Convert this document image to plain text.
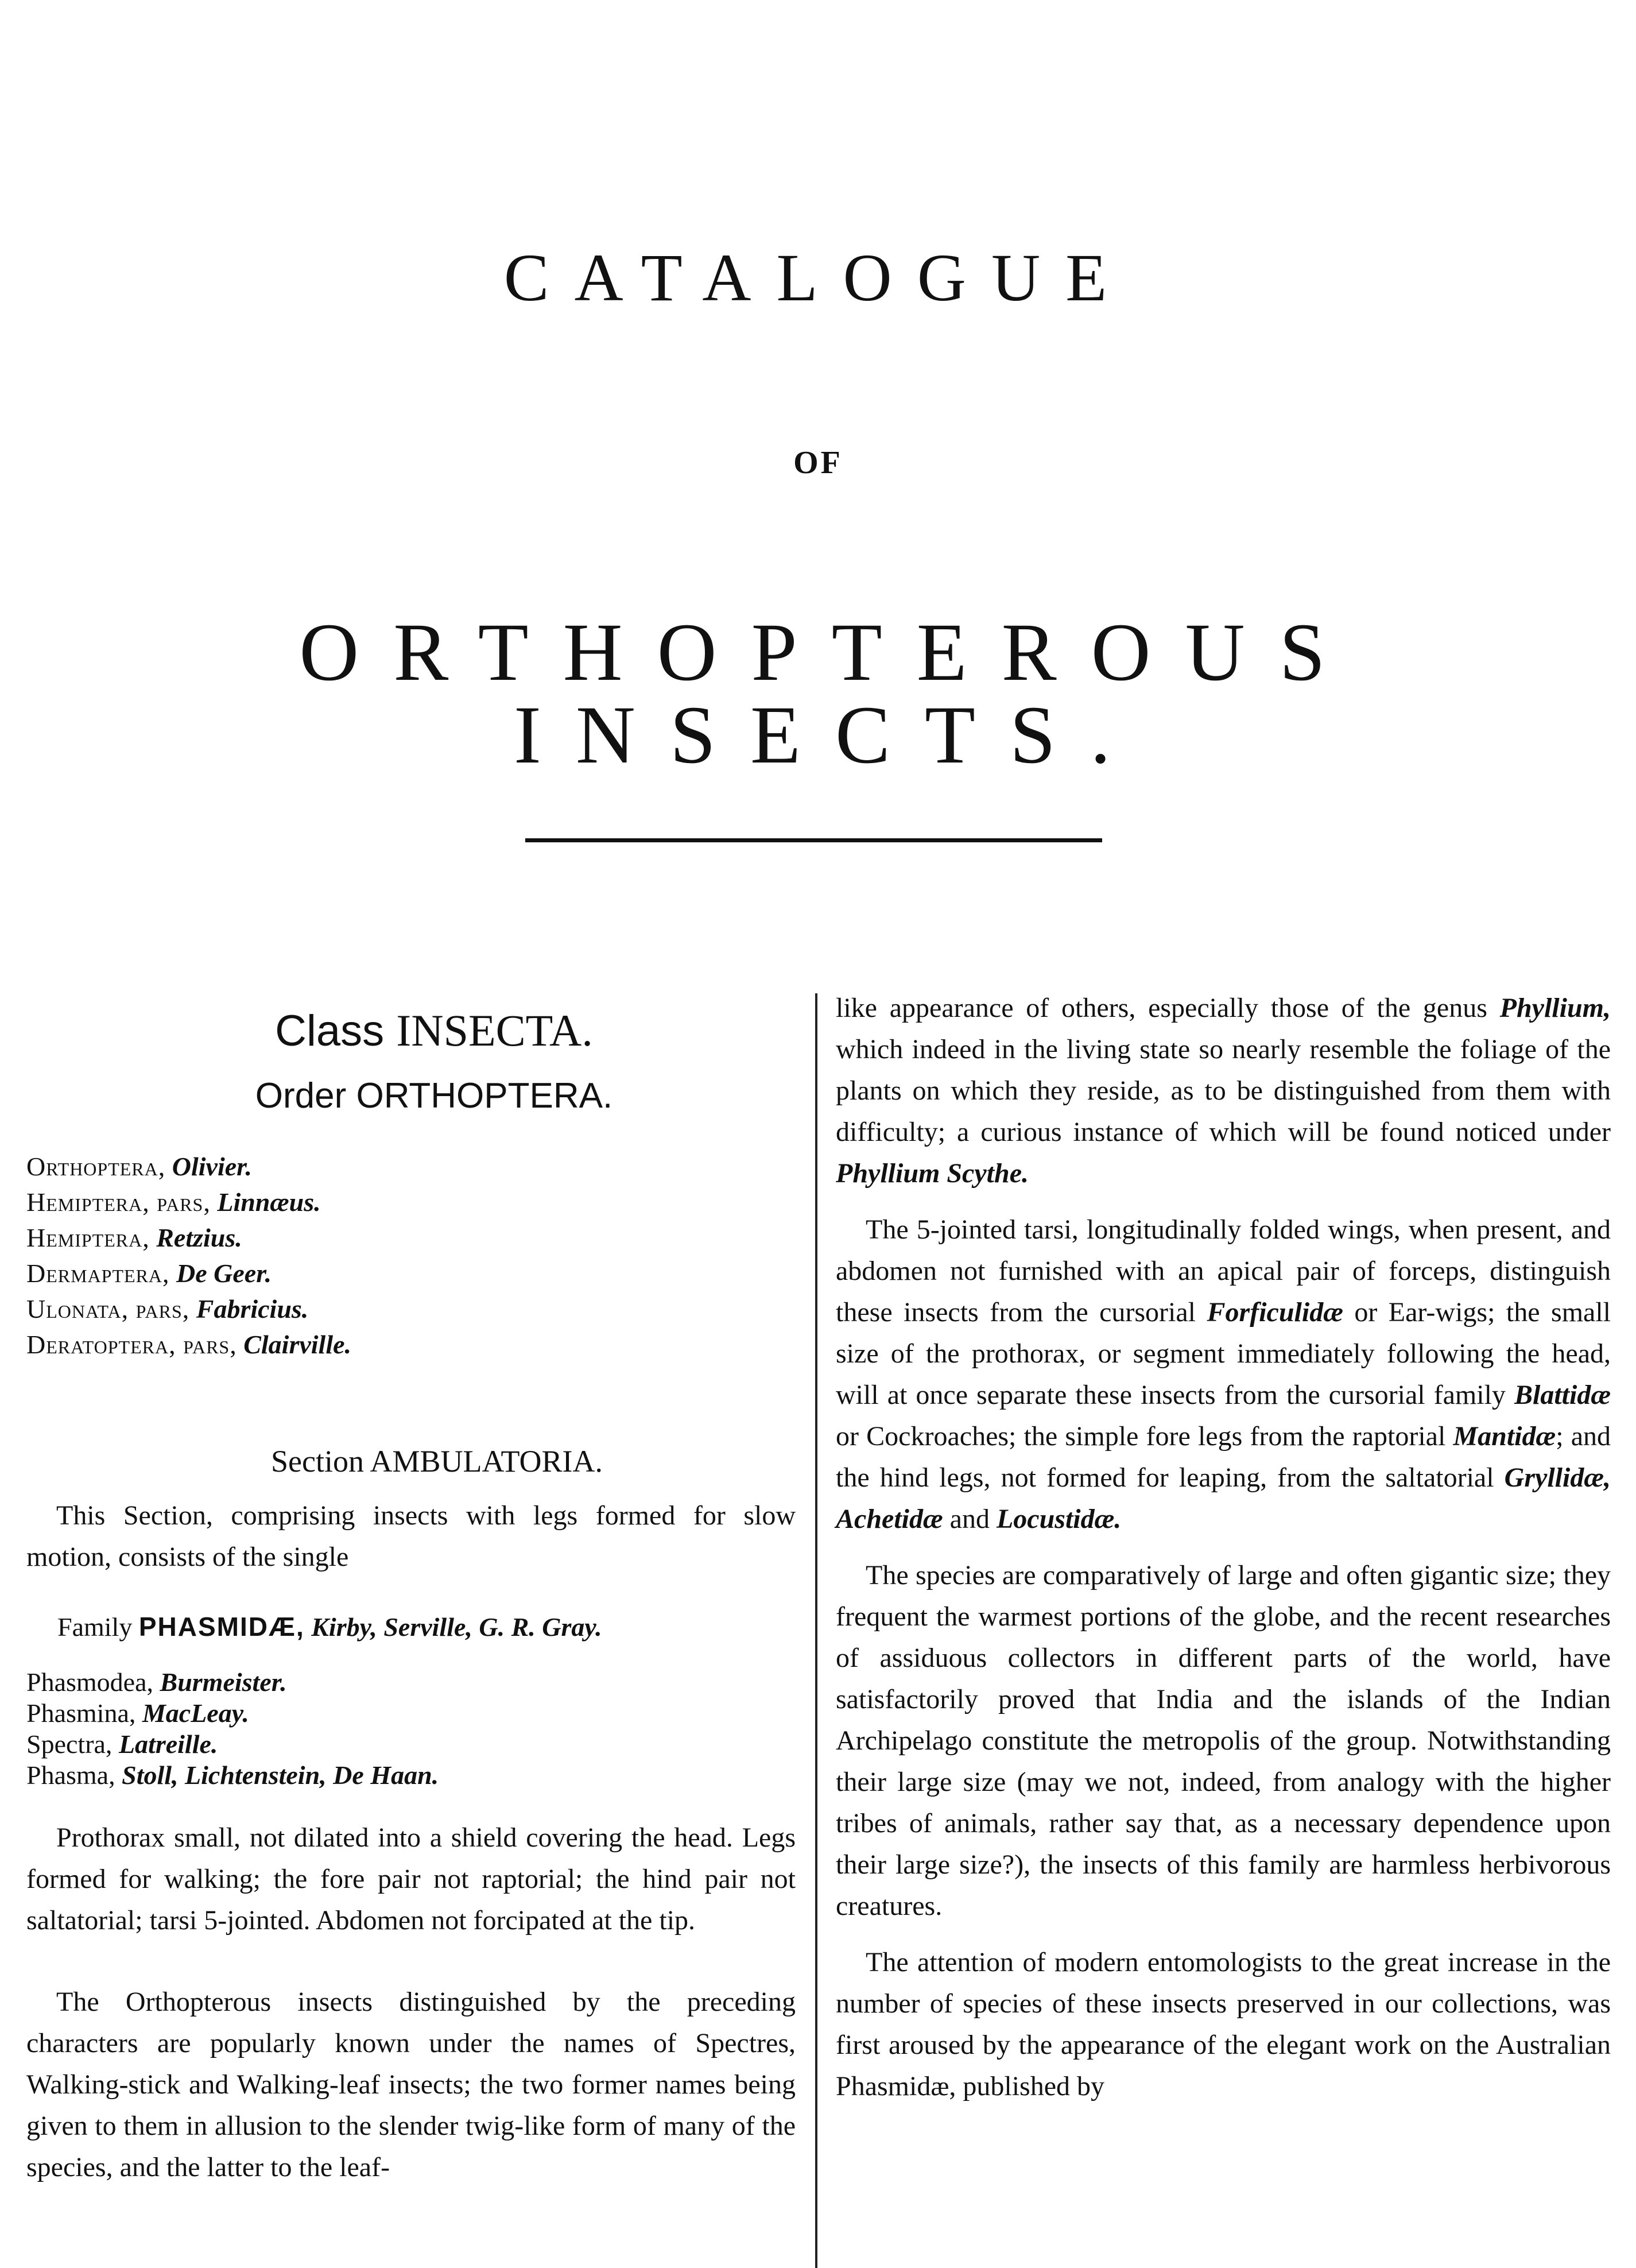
CATALOGUE
OF
ORTHOPTEROUS INSECTS.
Class INSECTA.
Order ORTHOPTERA.
Orthoptera, Olivier.
Hemiptera, pars, Linnæus.
Hemiptera, Retzius.
Dermaptera, De Geer.
Ulonata, pars, Fabricius.
Deratoptera, pars, Clairville.
Section AMBULATORIA.

This Section, comprising insects with legs formed for slow motion, consists of the single

Family PHASMIDÆ, Kirby, Serville, G. R. Gray.
Phasmodea, Burmeister.
Phasmina, MacLeay.
Spectra, Latreille.
Phasma, Stoll, Lichtenstein, De Haan.

Prothorax small, not dilated into a shield covering the head. Legs formed for walking; the fore pair not raptorial; the hind pair not saltatorial; tarsi 5-jointed. Abdomen not forcipated at the tip.

The Orthopterous insects distinguished by the preceding characters are popularly known under the names of Spectres, Walking-stick and Walking-leaf insects; the two former names being given to them in allusion to the slender twig-like form of many of the species, and the latter to the leaf-

like appearance of others, especially those of the genus Phyllium, which indeed in the living state so nearly resemble the foliage of the plants on which they reside, as to be distinguished from them with difficulty; a curious instance of which will be found noticed under Phyllium Scythe.

The 5-jointed tarsi, longitudinally folded wings, when present, and abdomen not furnished with an apical pair of forceps, distinguish these insects from the cursorial Forficulidæ or Ear-wigs; the small size of the prothorax, or segment immediately following the head, will at once separate these insects from the cursorial family Blattidæ or Cockroaches; the simple fore legs from the raptorial Mantidæ; and the hind legs, not formed for leaping, from the saltatorial Gryllidæ, Achetidæ and Locustidæ.

The species are comparatively of large and often gigantic size; they frequent the warmest portions of the globe, and the recent researches of assiduous collectors in different parts of the world, have satisfactorily proved that India and the islands of the Indian Archipelago constitute the metropolis of the group. Notwithstanding their large size (may we not, indeed, from analogy with the higher tribes of animals, rather say that, as a necessary dependence upon their large size?), the insects of this family are harmless herbivorous creatures.

The attention of modern entomologists to the great increase in the number of species of these insects preserved in our collections, was first aroused by the appearance of the elegant work on the Australian Phasmidæ, published by
